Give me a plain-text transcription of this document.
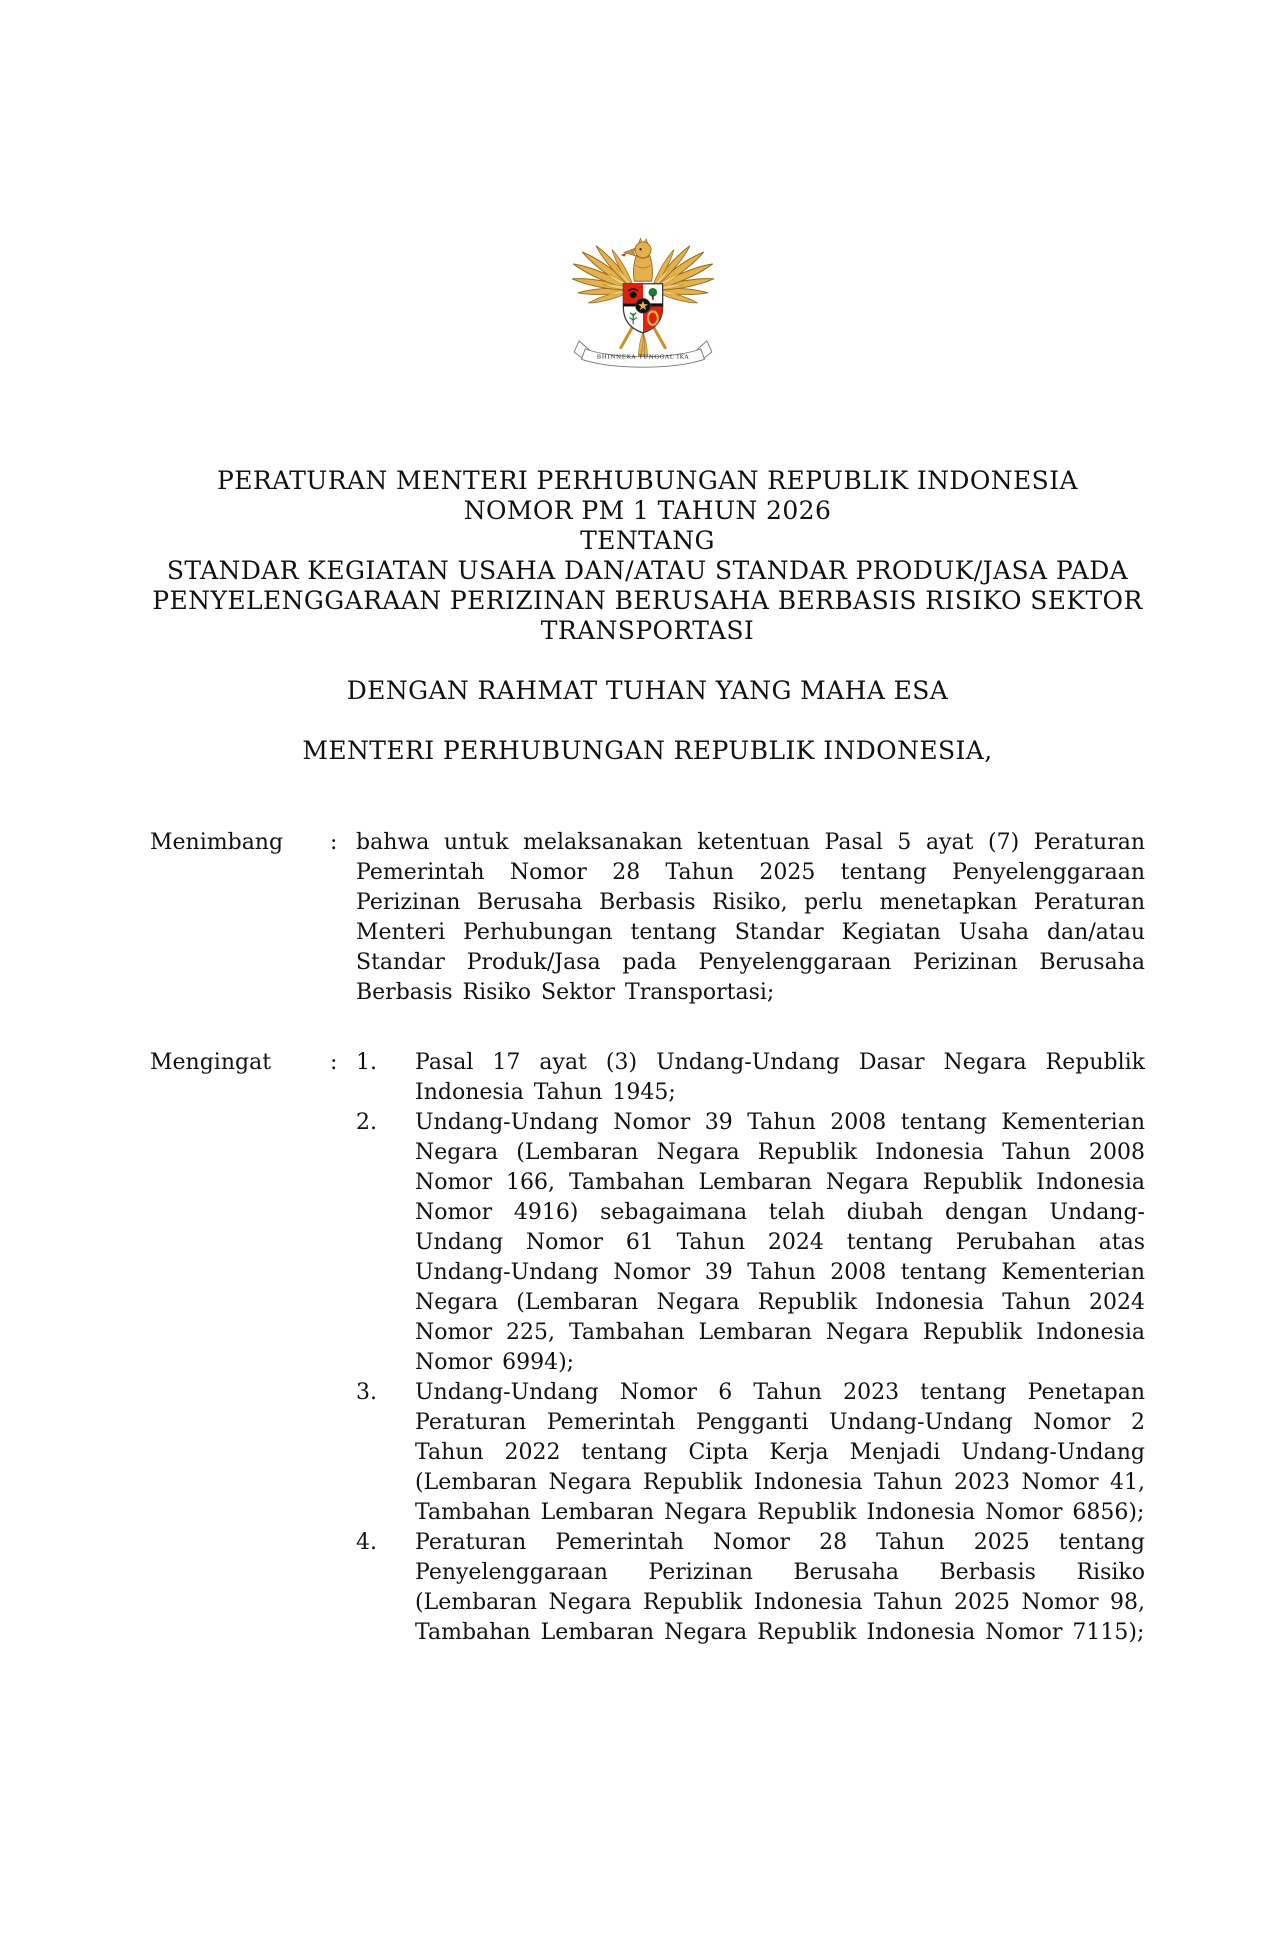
BHINNEKA TUNGGAL IKA
PERATURAN MENTERI PERHUBUNGAN REPUBLIK INDONESIA
NOMOR PM 1 TAHUN 2026
TENTANG
STANDAR KEGIATAN USAHA DAN/ATAU STANDAR PRODUK/JASA PADA
PENYELENGGARAAN PERIZINAN BERUSAHA BERBASIS RISIKO SEKTOR
TRANSPORTASI
DENGAN RAHMAT TUHAN YANG MAHA ESA
MENTERI PERHUBUNGAN REPUBLIK INDONESIA,
Menimbang	: bahwa untuk melaksanakan ketentuan Pasal 5 ayat (7) Peraturan Pemerintah Nomor 28 Tahun 2025 tentang Penyelenggaraan Perizinan Berusaha Berbasis Risiko, perlu menetapkan Peraturan Menteri Perhubungan tentang Standar Kegiatan Usaha dan/atau Standar Produk/Jasa pada Penyelenggaraan Perizinan Berusaha Berbasis Risiko Sektor Transportasi;
Mengingat	: 1.	Pasal 17 ayat (3) Undang-Undang Dasar Negara Republik Indonesia Tahun 1945;
2.	Undang-Undang Nomor 39 Tahun 2008 tentang Kementerian Negara (Lembaran Negara Republik Indonesia Tahun 2008 Nomor 166, Tambahan Lembaran Negara Republik Indonesia Nomor 4916) sebagaimana telah diubah dengan Undang-Undang Nomor 61 Tahun 2024 tentang Perubahan atas Undang-Undang Nomor 39 Tahun 2008 tentang Kementerian Negara (Lembaran Negara Republik Indonesia Tahun 2024 Nomor 225, Tambahan Lembaran Negara Republik Indonesia Nomor 6994);
3.	Undang-Undang Nomor 6 Tahun 2023 tentang Penetapan Peraturan Pemerintah Pengganti Undang-Undang Nomor 2 Tahun 2022 tentang Cipta Kerja Menjadi Undang-Undang (Lembaran Negara Republik Indonesia Tahun 2023 Nomor 41, Tambahan Lembaran Negara Republik Indonesia Nomor 6856);
4.	Peraturan Pemerintah Nomor 28 Tahun 2025 tentang Penyelenggaraan Perizinan Berusaha Berbasis Risiko (Lembaran Negara Republik Indonesia Tahun 2025 Nomor 98, Tambahan Lembaran Negara Republik Indonesia Nomor 7115);
